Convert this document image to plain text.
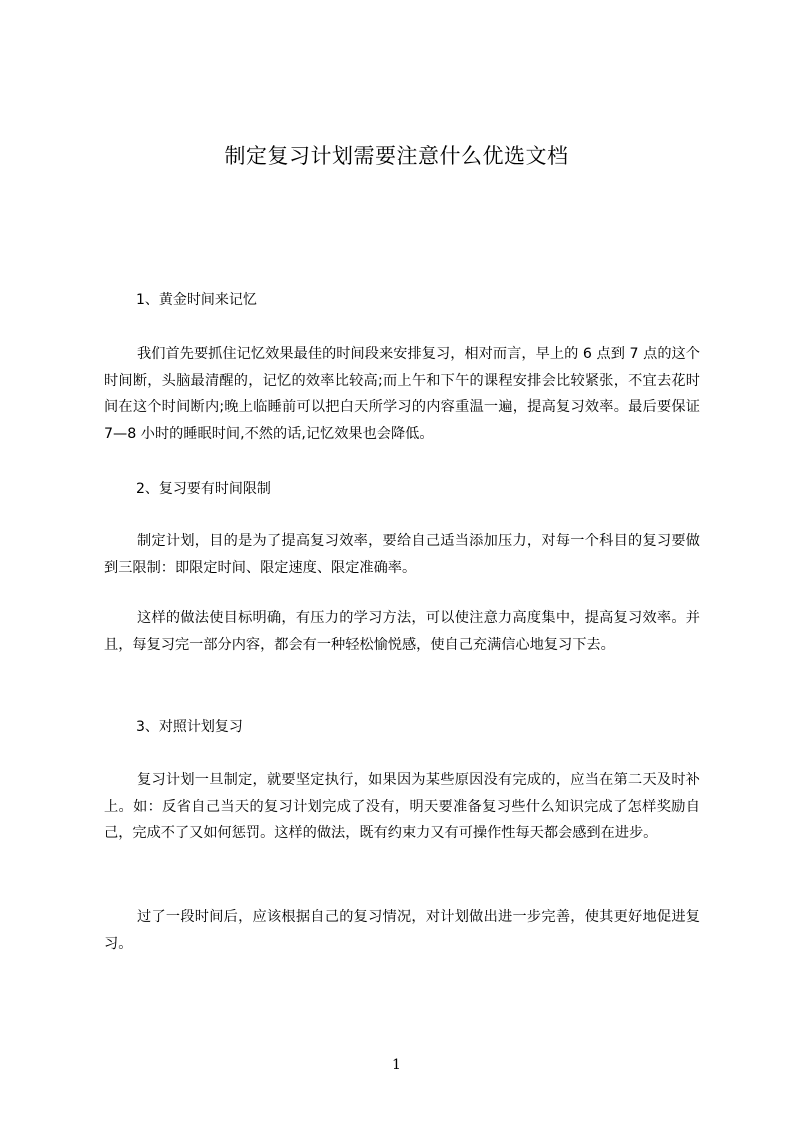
制定复习计划需要注意什么优选文档
1、黄金时间来记忆

我们首先要抓住记忆效果最佳的时间段来安排复习，相对而言，早上的 6 点到 7 点的这个时间断，头脑最清醒的，记忆的效率比较高;而上午和下午的课程安排会比较紧张，不宜去花时间在这个时间断内;晚上临睡前可以把白天所学习的内容重温一遍，提高复习效率。最后要保证 7—8 小时的睡眠时间,不然的话,记忆效果也会降低。

2、复习要有时间限制

制定计划，目的是为了提高复习效率，要给自己适当添加压力，对每一个科目的复习要做到三限制：即限定时间、限定速度、限定准确率。

这样的做法使目标明确，有压力的学习方法，可以使注意力高度集中，提高复习效率。并且，每复习完一部分内容，都会有一种轻松愉悦感，使自己充满信心地复习下去。

3、对照计划复习

复习计划一旦制定，就要坚定执行，如果因为某些原因没有完成的，应当在第二天及时补上。如：反省自己当天的复习计划完成了没有，明天要准备复习些什么知识完成了怎样奖励自己，完成不了又如何惩罚。这样的做法，既有约束力又有可操作性每天都会感到在进步。

过了一段时间后，应该根据自己的复习情况，对计划做出进一步完善，使其更好地促进复习。

1
